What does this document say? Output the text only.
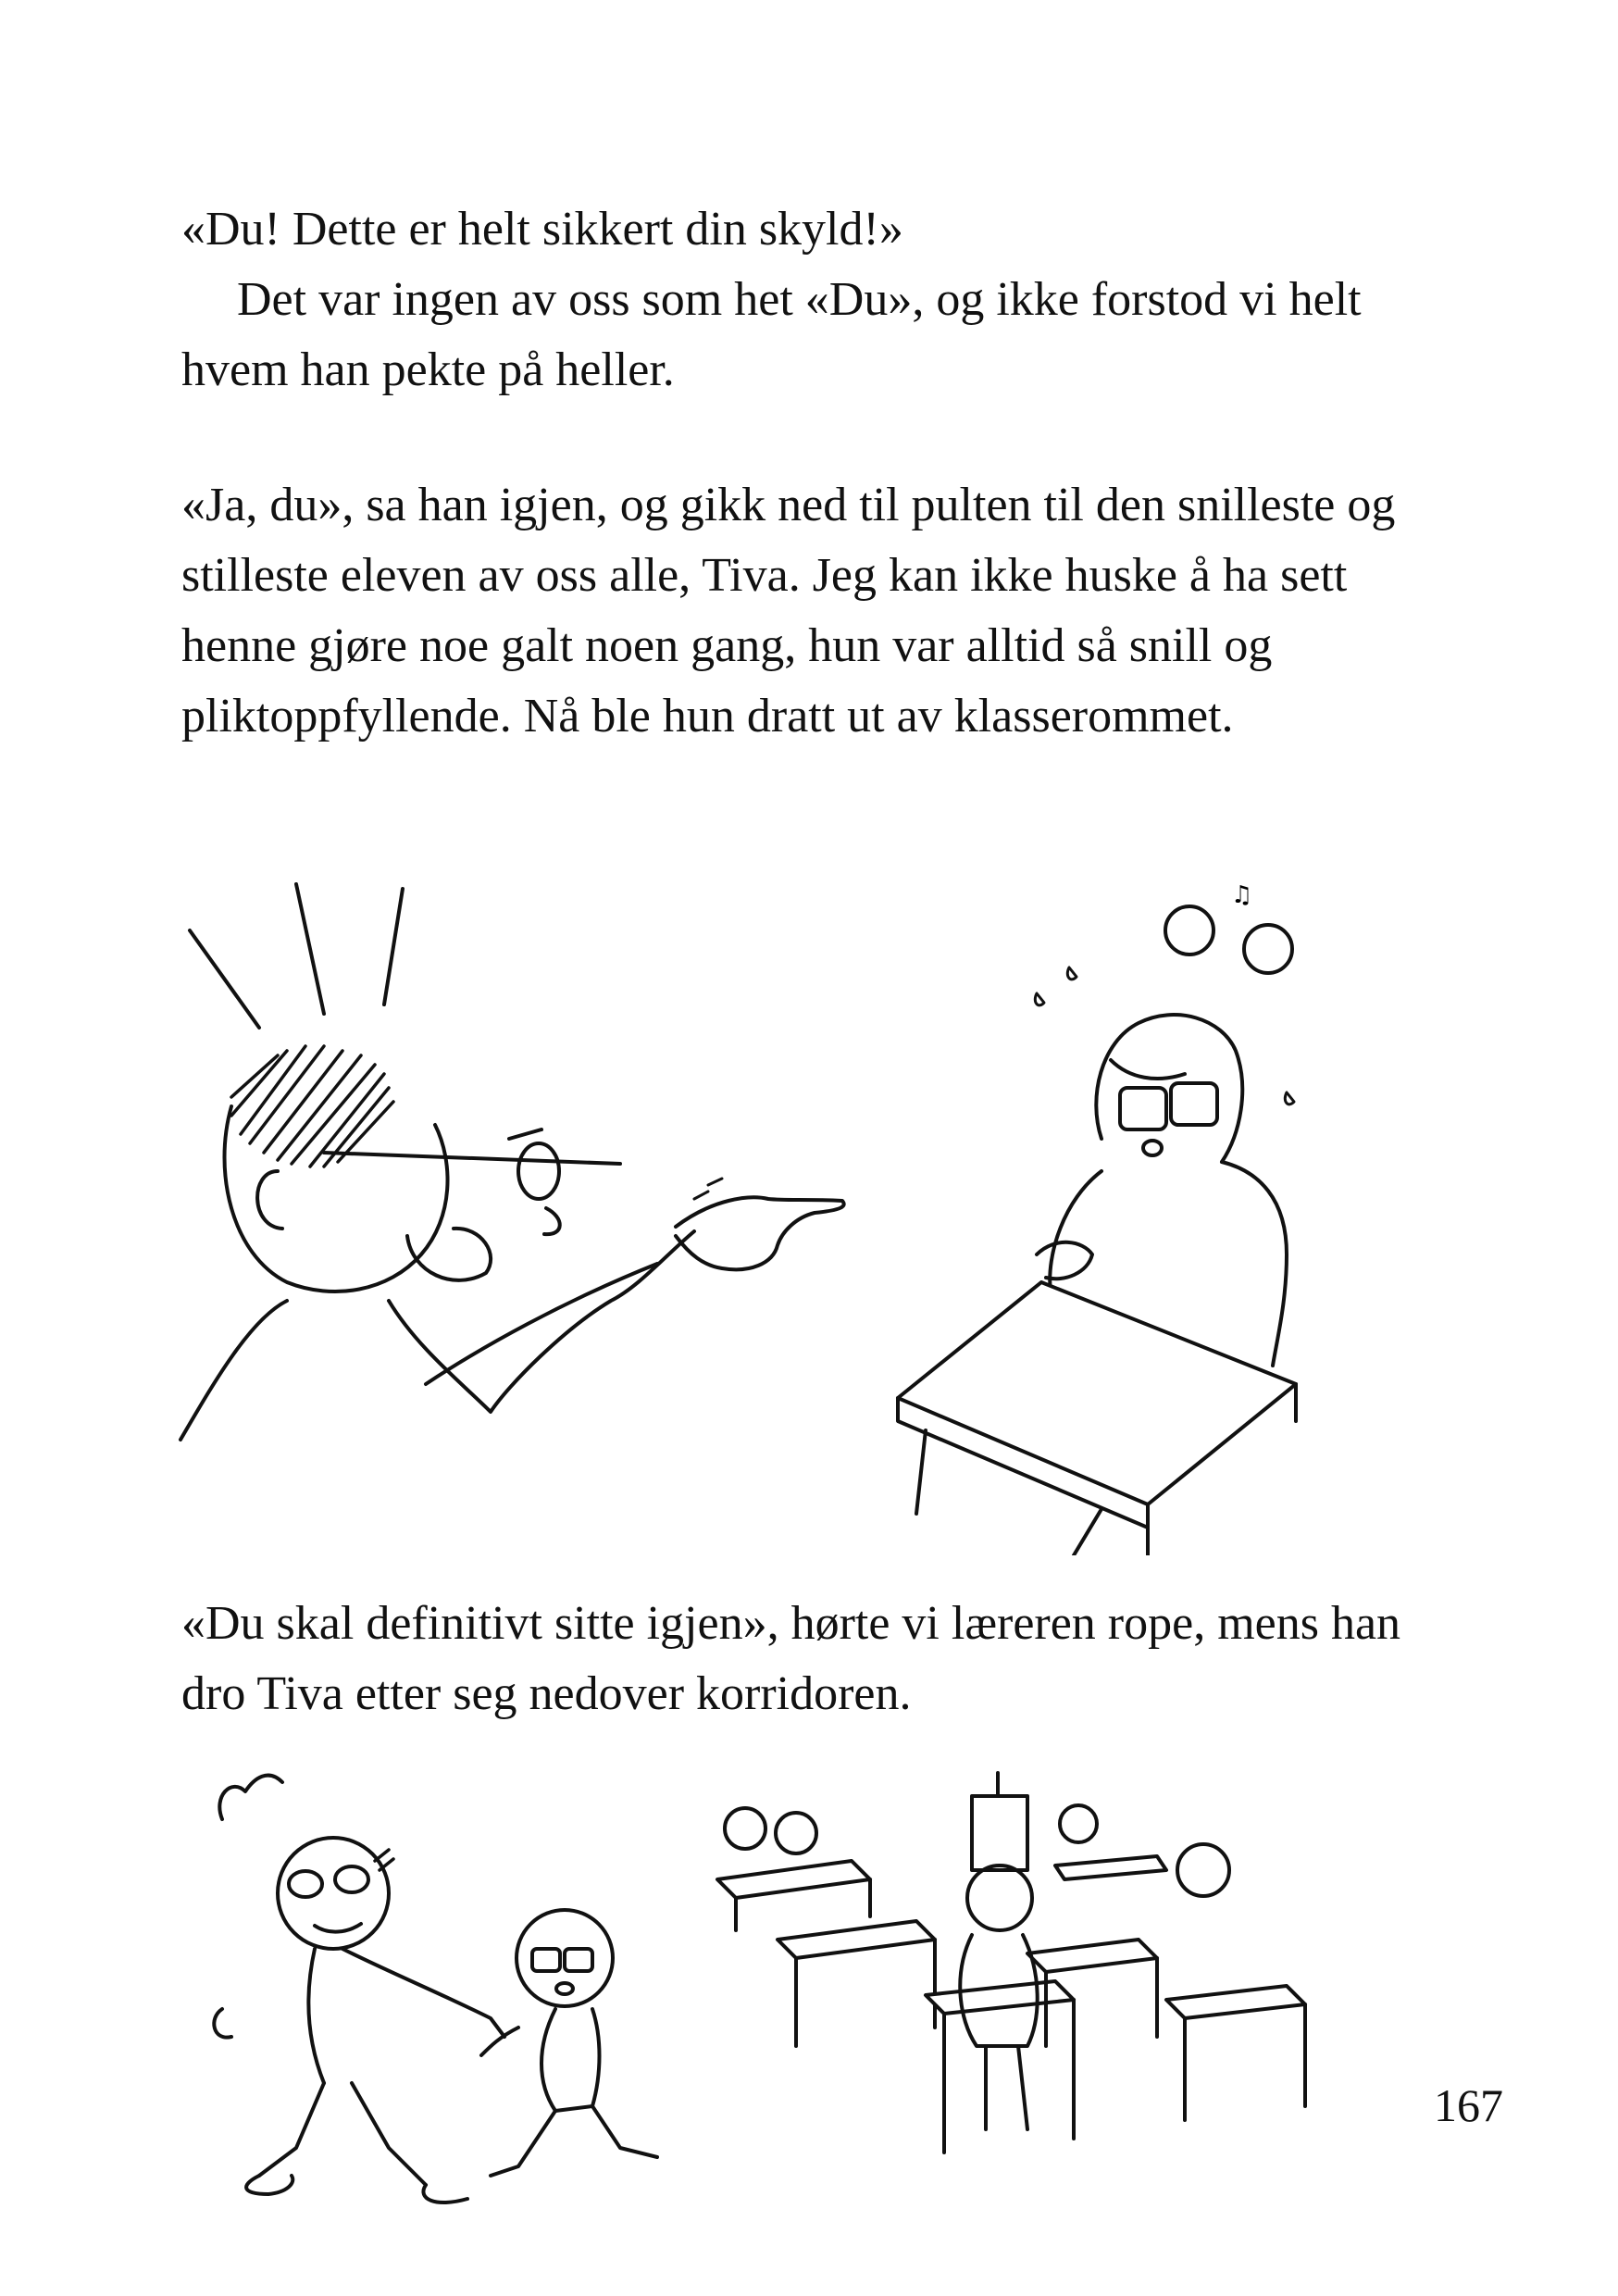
«Du! Dette er helt sikkert din skyld!»

Det var ingen av oss som het «Du», og ikke forstod vi helt hvem han pekte på heller.

«Ja, du», sa han igjen, og gikk ned til pulten til den snilleste og stilleste eleven av oss alle, Tiva. Jeg kan ikke huske å ha sett henne gjøre noe galt noen gang, hun var alltid så snill og pliktoppfyllende. Nå ble hun dratt ut av klasserommet.

♫

«Du skal definitivt sitte igjen», hørte vi læreren rope, mens han dro Tiva etter seg nedover korridoren.

167
